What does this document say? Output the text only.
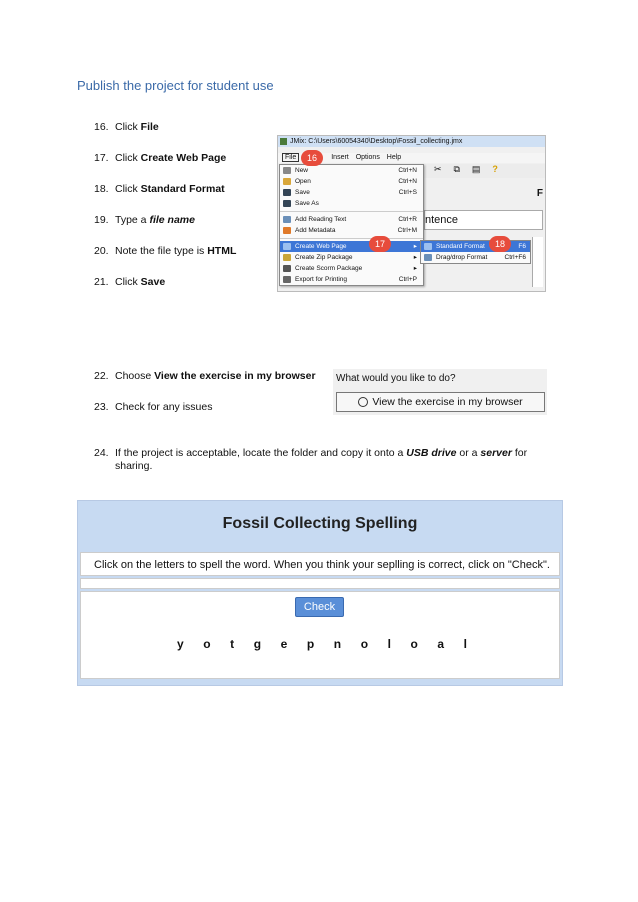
Publish the project for student use
16. Click File
17. Click Create Web Page
18. Click Standard Format
19. Type a file name
20. Note the file type is HTML
21. Click Save
22. Choose View the exercise in my browser
23. Check for any issues
24. If the project is acceptable, locate the folder and copy it onto a USB drive or a server for sharing.
JMix: C:\Users\60054340\Desktop\Fossil_collecting.jmx
File	Insert Options Help
✂ ⧉ ▤ ?
F
ntence
New	Ctrl+N
Open	Ctrl+N
Save	Ctrl+S
Save As
Add Reading Text	Ctrl+R
Add Metadata	Ctrl+M
Create Web Page	▸
Create Zip Package	▸
Create Scorm Package	▸
Export for Printing	Ctrl+P
Standard Format	F6
Drag/drop Format	Ctrl+F6
16
17	18
What would you like to do?
View the exercise in my browser
Fossil Collecting Spelling
Click on the letters to spell the word. When you think your seplling is correct, click on "Check".
Check
y o t g e p n o l o a l
